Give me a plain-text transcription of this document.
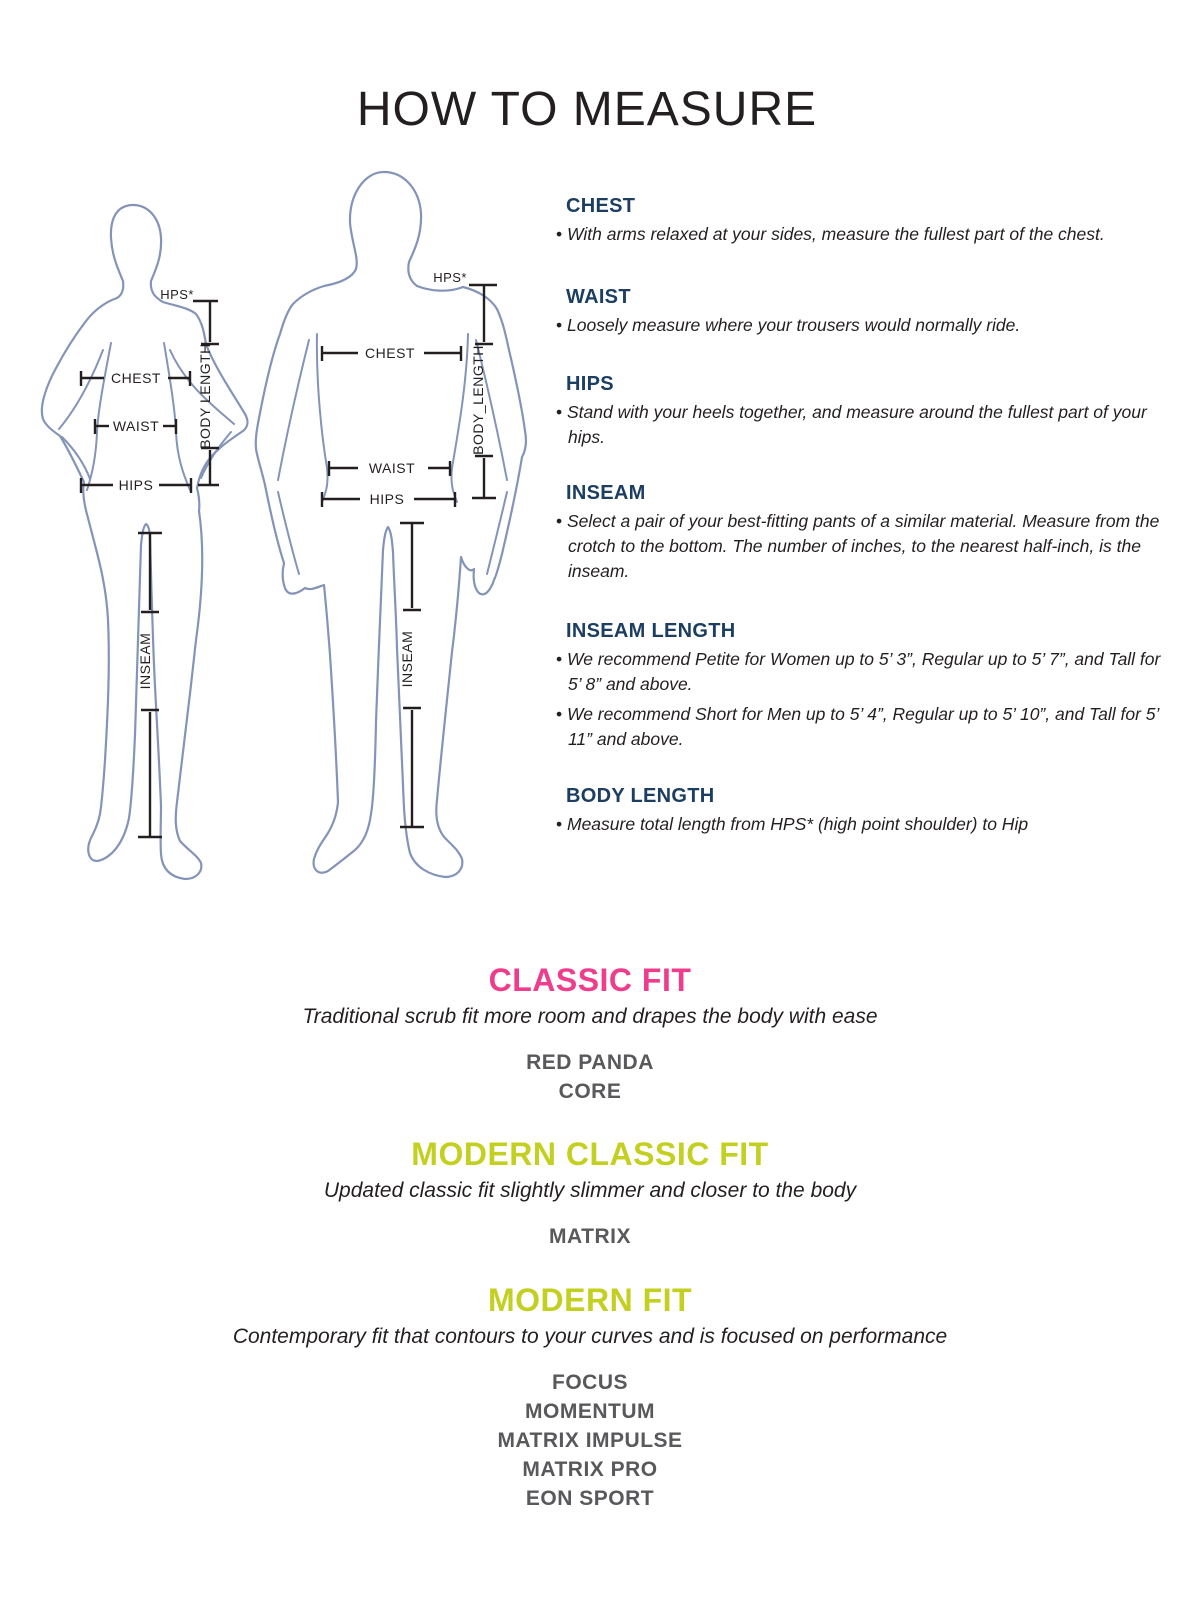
HOW TO MEASURE
HPS*
BODY LENGTH
CHEST
WAIST
HIPS
INSEAM
HPS*
BODY_LENGTH
CHEST
WAIST
HIPS
INSEAM
CHEST
• With arms relaxed at your sides, measure the fullest part of the chest.
WAIST
• Loosely measure where your trousers would normally ride.
HIPS
• Stand with your heels together, and measure around the fullest part of your hips.
INSEAM
• Select a pair of your best-fitting pants of a similar material. Measure from the crotch to the bottom. The number of inches, to the nearest half-inch, is the inseam.
INSEAM LENGTH
• We recommend Petite for Women up to 5’ 3”, Regular up to 5’ 7”, and Tall for 5’ 8” and above.
• We recommend Short for Men up to 5’ 4”, Regular up to 5’ 10”, and Tall for 5’ 11” and above.
BODY LENGTH
• Measure total length from HPS* (high point shoulder) to Hip
CLASSIC FIT
Traditional scrub fit more room and drapes the body with ease
RED PANDA
CORE
MODERN CLASSIC FIT
Updated classic fit slightly slimmer and closer to the body
MATRIX
MODERN FIT
Contemporary fit that contours to your curves and is focused on performance
FOCUS
MOMENTUM
MATRIX IMPULSE
MATRIX PRO
EON SPORT
